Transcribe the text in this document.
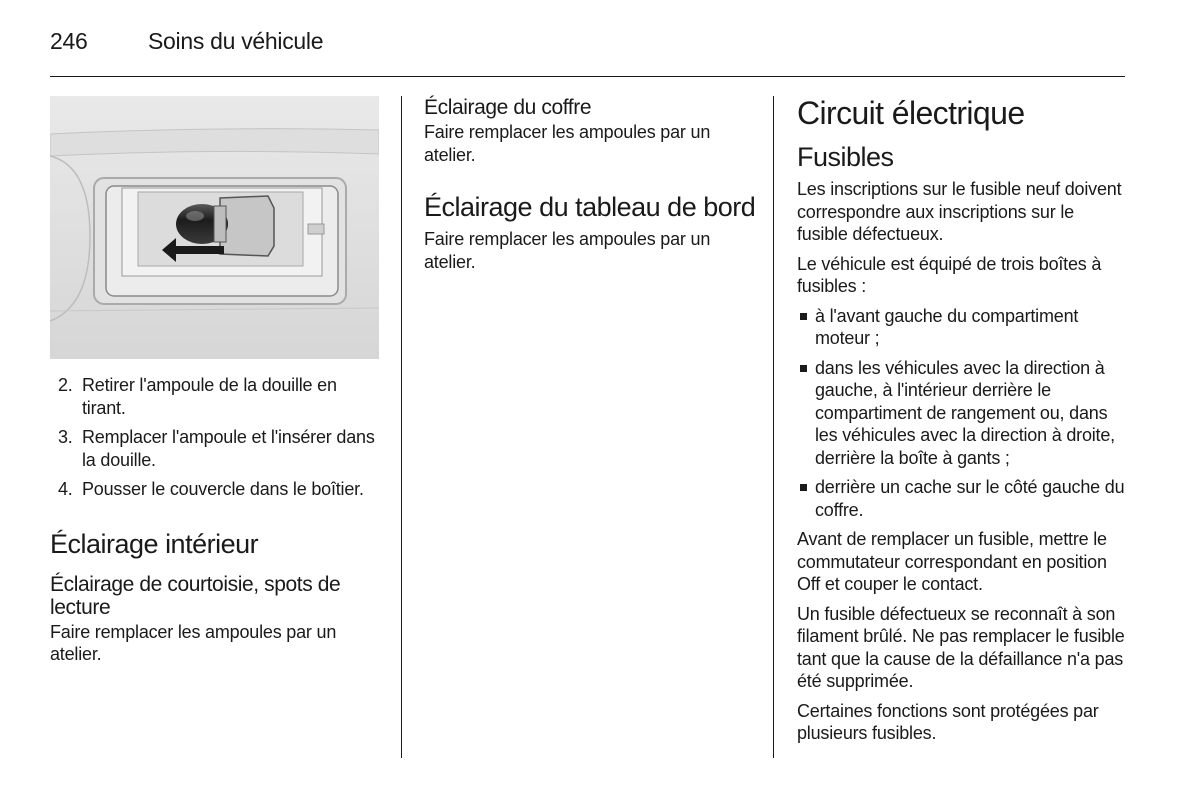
246	Soins du véhicule
2. Retirer l'ampoule de la douille en tirant.
3. Remplacer l'ampoule et l'insérer dans la douille.
4. Pousser le couvercle dans le boîtier.
Éclairage intérieur
Éclairage de courtoisie, spots de lecture

Faire remplacer les ampoules par un atelier.

Éclairage du coffre

Faire remplacer les ampoules par un atelier.

Éclairage du tableau de bord

Faire remplacer les ampoules par un atelier.

Circuit électrique
Fusibles

Les inscriptions sur le fusible neuf doivent correspondre aux inscriptions sur le fusible défectueux.

Le véhicule est équipé de trois boîtes à fusibles :

à l'avant gauche du compartiment moteur ;
dans les véhicules avec la direction à gauche, à l'intérieur derrière le compartiment de rangement ou, dans les véhicules avec la direction à droite, derrière la boîte à gants ;
derrière un cache sur le côté gauche du coffre.

Avant de remplacer un fusible, mettre le commutateur correspondant en position Off et couper le contact.

Un fusible défectueux se reconnaît à son filament brûlé. Ne pas remplacer le fusible tant que la cause de la défaillance n'a pas été supprimée.

Certaines fonctions sont protégées par plusieurs fusibles.
